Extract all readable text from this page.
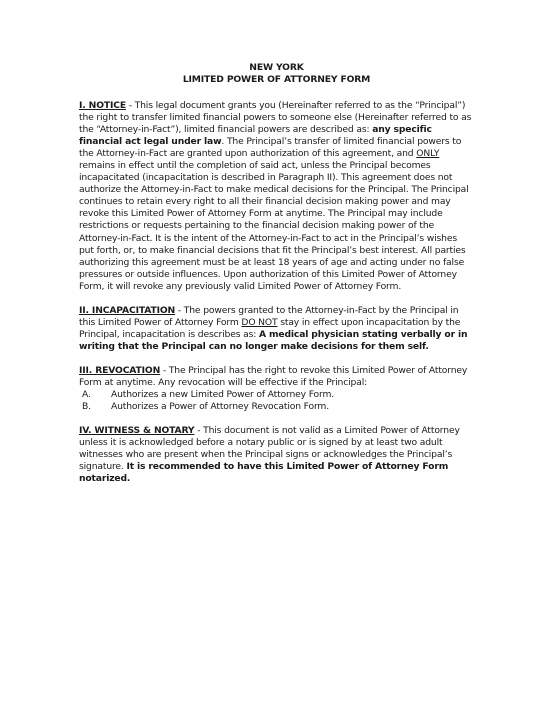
NEW YORK

LIMITED POWER OF ATTORNEY FORM

I. NOTICE - This legal document grants you (Hereinafter referred to as the “Principal”) the right to transfer limited financial powers to someone else (Hereinafter referred to as the “Attorney-in-Fact”), limited financial powers are described as: any specific financial act legal under law. The Principal’s transfer of limited financial powers to the Attorney-in-Fact are granted upon authorization of this agreement, and ONLY remains in effect until the completion of said act, unless the Principal becomes incapacitated (incapacitation is described in Paragraph II). This agreement does not authorize the Attorney-in-Fact to make medical decisions for the Principal. The Principal continues to retain every right to all their financial decision making power and may revoke this Limited Power of Attorney Form at anytime. The Principal may include restrictions or requests pertaining to the financial decision making power of the Attorney-in-Fact. It is the intent of the Attorney-in-Fact to act in the Principal’s wishes put forth, or, to make financial decisions that fit the Principal’s best interest. All parties authorizing this agreement must be at least 18 years of age and acting under no false pressures or outside influences. Upon authorization of this Limited Power of Attorney Form, it will revoke any previously valid Limited Power of Attorney Form.

II. INCAPACITATION - The powers granted to the Attorney-in-Fact by the Principal in this Limited Power of Attorney Form DO NOT stay in effect upon incapacitation by the Principal, incapacitation is describes as: A medical physician stating verbally or in writing that the Principal can no longer make decisions for them self.

III. REVOCATION - The Principal has the right to revoke this Limited Power of Attorney Form at anytime. Any revocation will be effective if the Principal:
A.	Authorizes a new Limited Power of Attorney Form.
B.	Authorizes a Power of Attorney Revocation Form.

IV. WITNESS & NOTARY - This document is not valid as a Limited Power of Attorney unless it is acknowledged before a notary public or is signed by at least two adult witnesses who are present when the Principal signs or acknowledges the Principal’s signature. It is recommended to have this Limited Power of Attorney Form notarized.
